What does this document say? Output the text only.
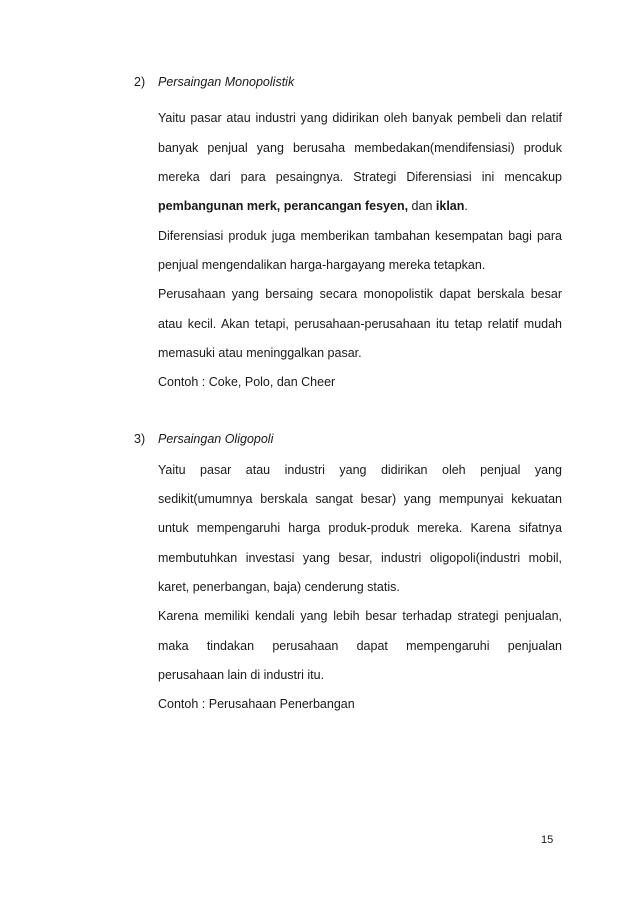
2) Persaingan Monopolistik
Yaitu pasar atau industri yang didirikan oleh banyak pembeli dan relatif
banyak penjual yang berusaha membedakan(mendifensiasi) produk
mereka dari para pesaingnya. Strategi Diferensiasi ini mencakup
pembangunan merk, perancangan fesyen, dan iklan.
Diferensiasi produk juga memberikan tambahan kesempatan bagi para
penjual mengendalikan harga-hargayang mereka tetapkan.
Perusahaan yang bersaing secara monopolistik dapat berskala besar
atau kecil. Akan tetapi, perusahaan-perusahaan itu tetap relatif mudah
memasuki atau meninggalkan pasar.
Contoh : Coke, Polo, dan Cheer
3) Persaingan Oligopoli
Yaitu pasar atau industri yang didirikan oleh penjual yang
sedikit(umumnya berskala sangat besar) yang mempunyai kekuatan
untuk mempengaruhi harga produk-produk mereka. Karena sifatnya
membutuhkan investasi yang besar, industri oligopoli(industri mobil,
karet, penerbangan, baja) cenderung statis.
Karena memiliki kendali yang lebih besar terhadap strategi penjualan,
maka tindakan perusahaan dapat mempengaruhi penjualan
perusahaan lain di industri itu.
Contoh : Perusahaan Penerbangan
15
